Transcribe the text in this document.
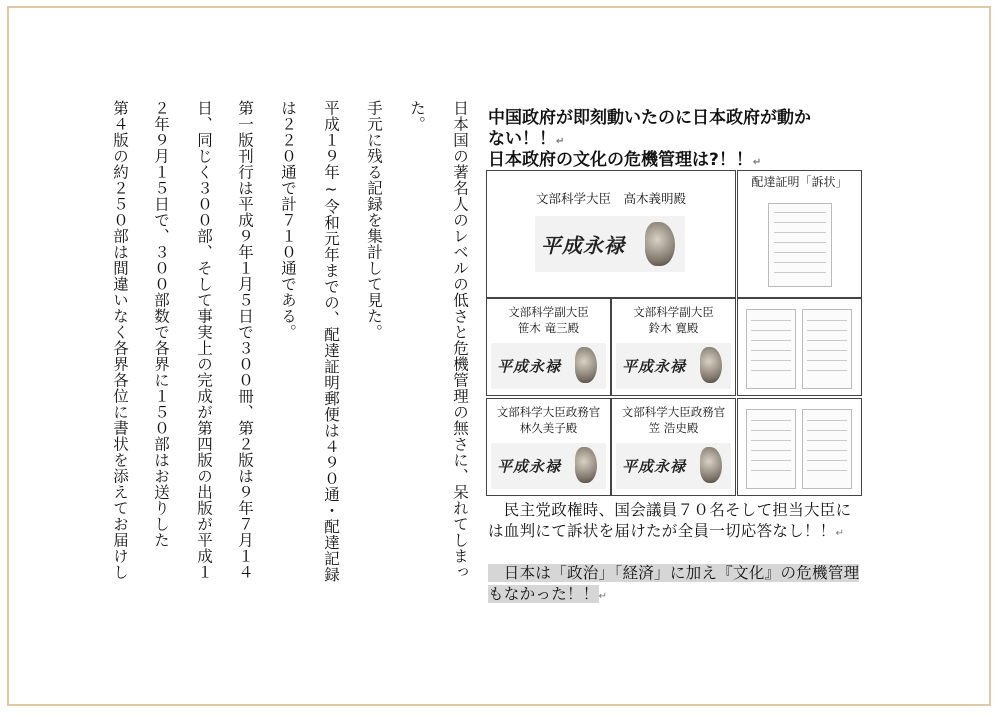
日本国の著名人のレベルの低さと危機管理の無さに、呆れてしまっ
た。
手元に残る記録を集計して見た。
平成１９年~令和元年までの、配達証明郵便は４９０通・配達記録
は２２０通で計７１０通である。
第一版刊行は平成９年１月５日で３００冊、第２版は９年７月１４
日、同じく３００部、そして事実上の完成が第四版の出版が平成１
２年９月１５日で、３００部数で各界に１５０部はお送りした
第４版の約２５０部は間違いなく各界各位に書状を添えてお届けし	中国政府が即刻動いたのに日本政府が動か
ない！！↵
日本政府の文化の危機管理は?！！↵
文部科学大臣　高木義明殿
平成永禄
配達証明「訴状」
文部科学副大臣
笹木 竜三殿
平成永禄
文部科学副大臣
鈴木 寛殿
平成永禄
文部科学大臣政務官
林久美子殿
平成永禄
文部科学大臣政務官
笠 浩史殿
平成永禄
　民主党政権時、国会議員７０名そして担当大臣には血判にて訴状を届けたが全員一切応答なし！！↵
　日本は「政治」「経済」に加え『文化』の危機管理もなかった！！↵
